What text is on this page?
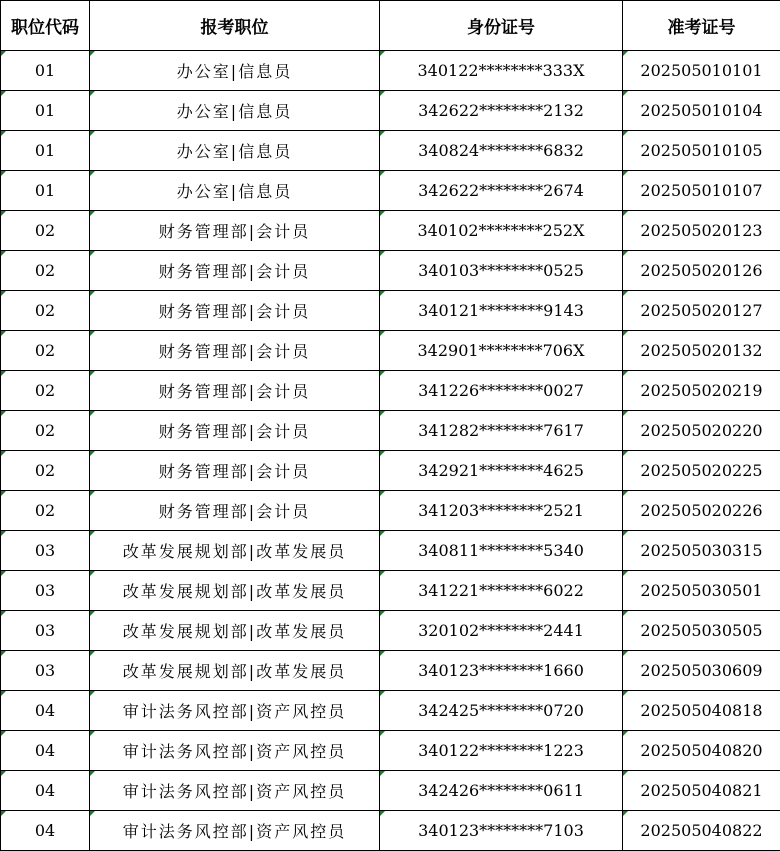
职位代码	报考职位	身份证号	准考证号

01	办公室|信息员	340122********333X	202505010101

01	办公室|信息员	342622********2132	202505010104

01	办公室|信息员	340824********6832	202505010105

01	办公室|信息员	342622********2674	202505010107

02	财务管理部|会计员	340102********252X	202505020123

02	财务管理部|会计员	340103********0525	202505020126

02	财务管理部|会计员	340121********9143	202505020127

02	财务管理部|会计员	342901********706X	202505020132

02	财务管理部|会计员	341226********0027	202505020219

02	财务管理部|会计员	341282********7617	202505020220

02	财务管理部|会计员	342921********4625	202505020225

02	财务管理部|会计员	341203********2521	202505020226

03	改革发展规划部|改革发展员	340811********5340	202505030315

03	改革发展规划部|改革发展员	341221********6022	202505030501

03	改革发展规划部|改革发展员	320102********2441	202505030505

03	改革发展规划部|改革发展员	340123********1660	202505030609

04	审计法务风控部|资产风控员	342425********0720	202505040818

04	审计法务风控部|资产风控员	340122********1223	202505040820

04	审计法务风控部|资产风控员	342426********0611	202505040821

04	审计法务风控部|资产风控员	340123********7103	202505040822
